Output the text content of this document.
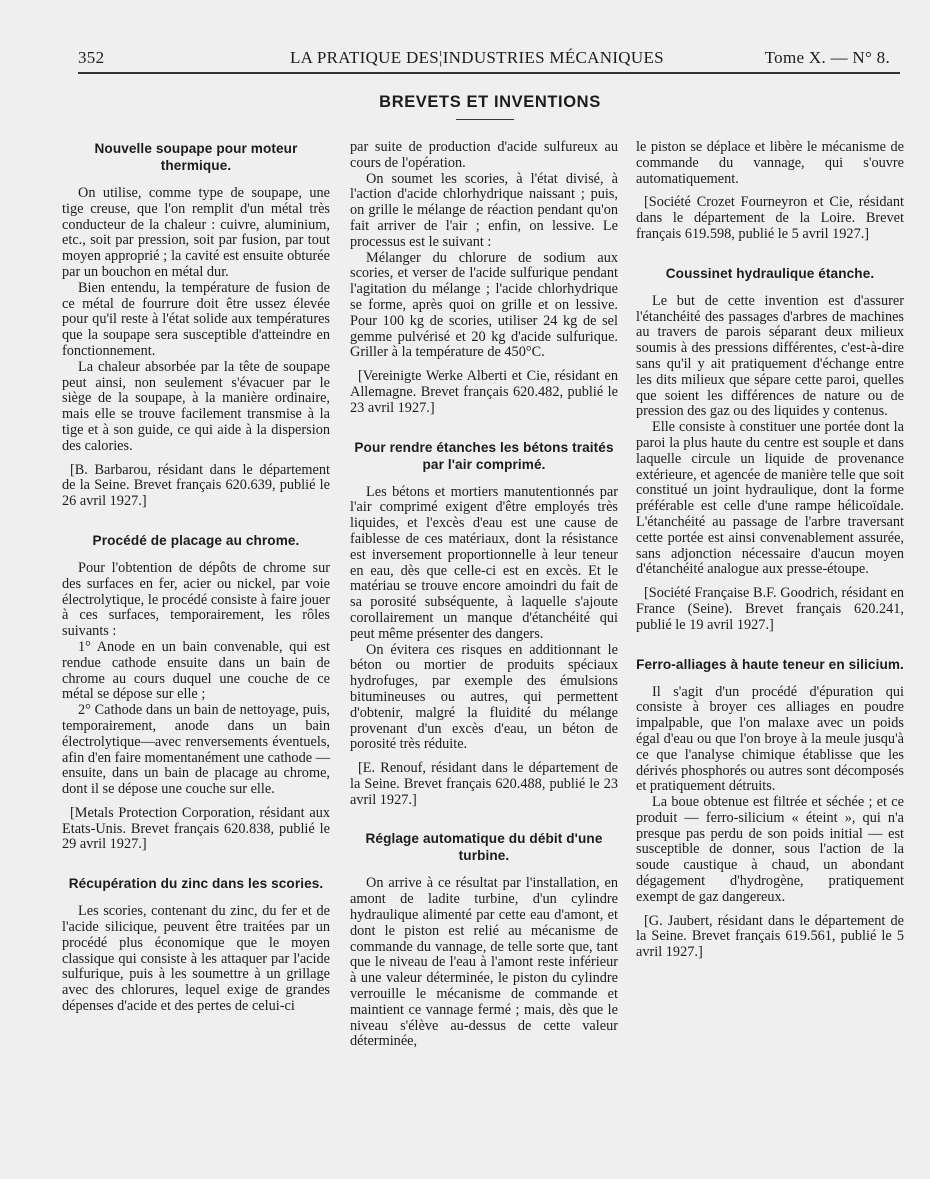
352	LA PRATIQUE DES¦INDUSTRIES MÉCANIQUES	Tome X. — N° 8.
BREVETS ET INVENTIONS
Nouvelle soupape pour moteur thermique.

On utilise, comme type de soupape, une tige creuse, que l'on remplit d'un métal très conducteur de la chaleur : cuivre, aluminium, etc., soit par pression, soit par fusion, par tout moyen approprié ; la cavité est ensuite obturée par un bouchon en métal dur.

Bien entendu, la température de fusion de ce métal de fourrure doit être ussez élevée pour qu'il reste à l'état solide aux températures que la soupape sera susceptible d'atteindre en fonctionnement.

La chaleur absorbée par la tête de soupape peut ainsi, non seulement s'évacuer par le siège de la soupape, à la manière ordinaire, mais elle se trouve facilement transmise à la tige et à son guide, ce qui aide à la dispersion des calories.

[B. Barbarou, résidant dans le département de la Seine. Brevet français 620.639, publié le 26 avril 1927.]

Procédé de placage au chrome.

Pour l'obtention de dépôts de chrome sur des surfaces en fer, acier ou nickel, par voie électrolytique, le procédé consiste à faire jouer à ces surfaces, temporairement, les rôles suivants :

1° Anode en un bain convenable, qui est rendue cathode ensuite dans un bain de chrome au cours duquel une couche de ce métal se dépose sur elle ;

2° Cathode dans un bain de nettoyage, puis, temporairement, anode dans un bain électrolytique—avec renversements éventuels, afin d'en faire momentanément une cathode — ensuite, dans un bain de placage au chrome, dont il se dépose une couche sur elle.

[Metals Protection Corporation, résidant aux Etats-Unis. Brevet français 620.838, publié le 29 avril 1927.]

Récupération du zinc dans les scories.

Les scories, contenant du zinc, du fer et de l'acide silicique, peuvent être traitées par un procédé plus économique que le moyen classique qui consiste à les attaquer par l'acide sulfurique, puis à les soumettre à un grillage avec des chlorures, lequel exige de grandes dépenses d'acide et des pertes de celui-ci

par suite de production d'acide sulfureux au cours de l'opération.

On soumet les scories, à l'état divisé, à l'action d'acide chlorhydrique naissant ; puis, on grille le mélange de réaction pendant qu'on fait arriver de l'air ; enfin, on lessive. Le processus est le suivant :

Mélanger du chlorure de sodium aux scories, et verser de l'acide sulfurique pendant l'agitation du mélange ; l'acide chlorhydrique se forme, après quoi on grille et on lessive. Pour 100 kg de scories, utiliser 24 kg de sel gemme pulvérisé et 20 kg d'acide sulfurique. Griller à la température de 450°C.

[Vereinigte Werke Alberti et Cie, résidant en Allemagne. Brevet français 620.482, publié le 23 avril 1927.]

Pour rendre étanches les bétons traités par l'air comprimé.

Les bétons et mortiers manutentionnés par l'air comprimé exigent d'être employés très liquides, et l'excès d'eau est une cause de faiblesse de ces matériaux, dont la résistance est inversement proportionnelle à leur teneur en eau, dès que celle-ci est en excès. Et le matériau se trouve encore amoindri du fait de sa porosité subséquente, à laquelle s'ajoute corollairement un manque d'étanchéité qui peut même présenter des dangers.

On évitera ces risques en additionnant le béton ou mortier de produits spéciaux hydrofuges, par exemple des émulsions bitumineuses ou autres, qui permettent d'obtenir, malgré la fluidité du mélange provenant d'un excès d'eau, un béton de porosité très réduite.

[E. Renouf, résidant dans le département de la Seine. Brevet français 620.488, publié le 23 avril 1927.]

Réglage automatique du débit d'une turbine.

On arrive à ce résultat par l'installation, en amont de ladite turbine, d'un cylindre hydraulique alimenté par cette eau d'amont, et dont le piston est relié au mécanisme de commande du vannage, de telle sorte que, tant que le niveau de l'eau à l'amont reste inférieur à une valeur déterminée, le piston du cylindre verrouille le mécanisme de commande et maintient ce vannage fermé ; mais, dès que le niveau s'élève au-dessus de cette valeur déterminée,

le piston se déplace et libère le mécanisme de commande du vannage, qui s'ouvre automatiquement.

[Société Crozet Fourneyron et Cie, résidant dans le département de la Loire. Brevet français 619.598, publié le 5 avril 1927.]

Coussinet hydraulique étanche.

Le but de cette invention est d'assurer l'étanchéité des passages d'arbres de machines au travers de parois séparant deux milieux soumis à des pressions différentes, c'est-à-dire sans qu'il y ait pratiquement d'échange entre les dits milieux que sépare cette paroi, quelles que soient les différences de nature ou de pression des gaz ou des liquides y contenus.

Elle consiste à constituer une portée dont la paroi la plus haute du centre est souple et dans laquelle circule un liquide de provenance extérieure, et agencée de manière telle que soit constitué un joint hydraulique, dont la forme préférable est celle d'une rampe hélicoïdale. L'étanchéité au passage de l'arbre traversant cette portée est ainsi convenablement assurée, sans adjonction nécessaire d'aucun moyen d'étanchéité analogue aux presse-étoupe.

[Société Française B.F. Goodrich, résidant en France (Seine). Brevet français 620.241, publié le 19 avril 1927.]

Ferro-alliages à haute teneur en silicium.

Il s'agit d'un procédé d'épuration qui consiste à broyer ces alliages en poudre impalpable, que l'on malaxe avec un poids égal d'eau ou que l'on broye à la meule jusqu'à ce que l'analyse chimique établisse que les dérivés phosphorés ou autres sont décomposés et pratiquement détruits.

La boue obtenue est filtrée et séchée ; et ce produit — ferro-silicium « éteint », qui n'a presque pas perdu de son poids initial — est susceptible de donner, sous l'action de la soude caustique à chaud, un abondant dégagement d'hydrogène, pratiquement exempt de gaz dangereux.

[G. Jaubert, résidant dans le département de la Seine. Brevet français 619.561, publié le 5 avril 1927.]
